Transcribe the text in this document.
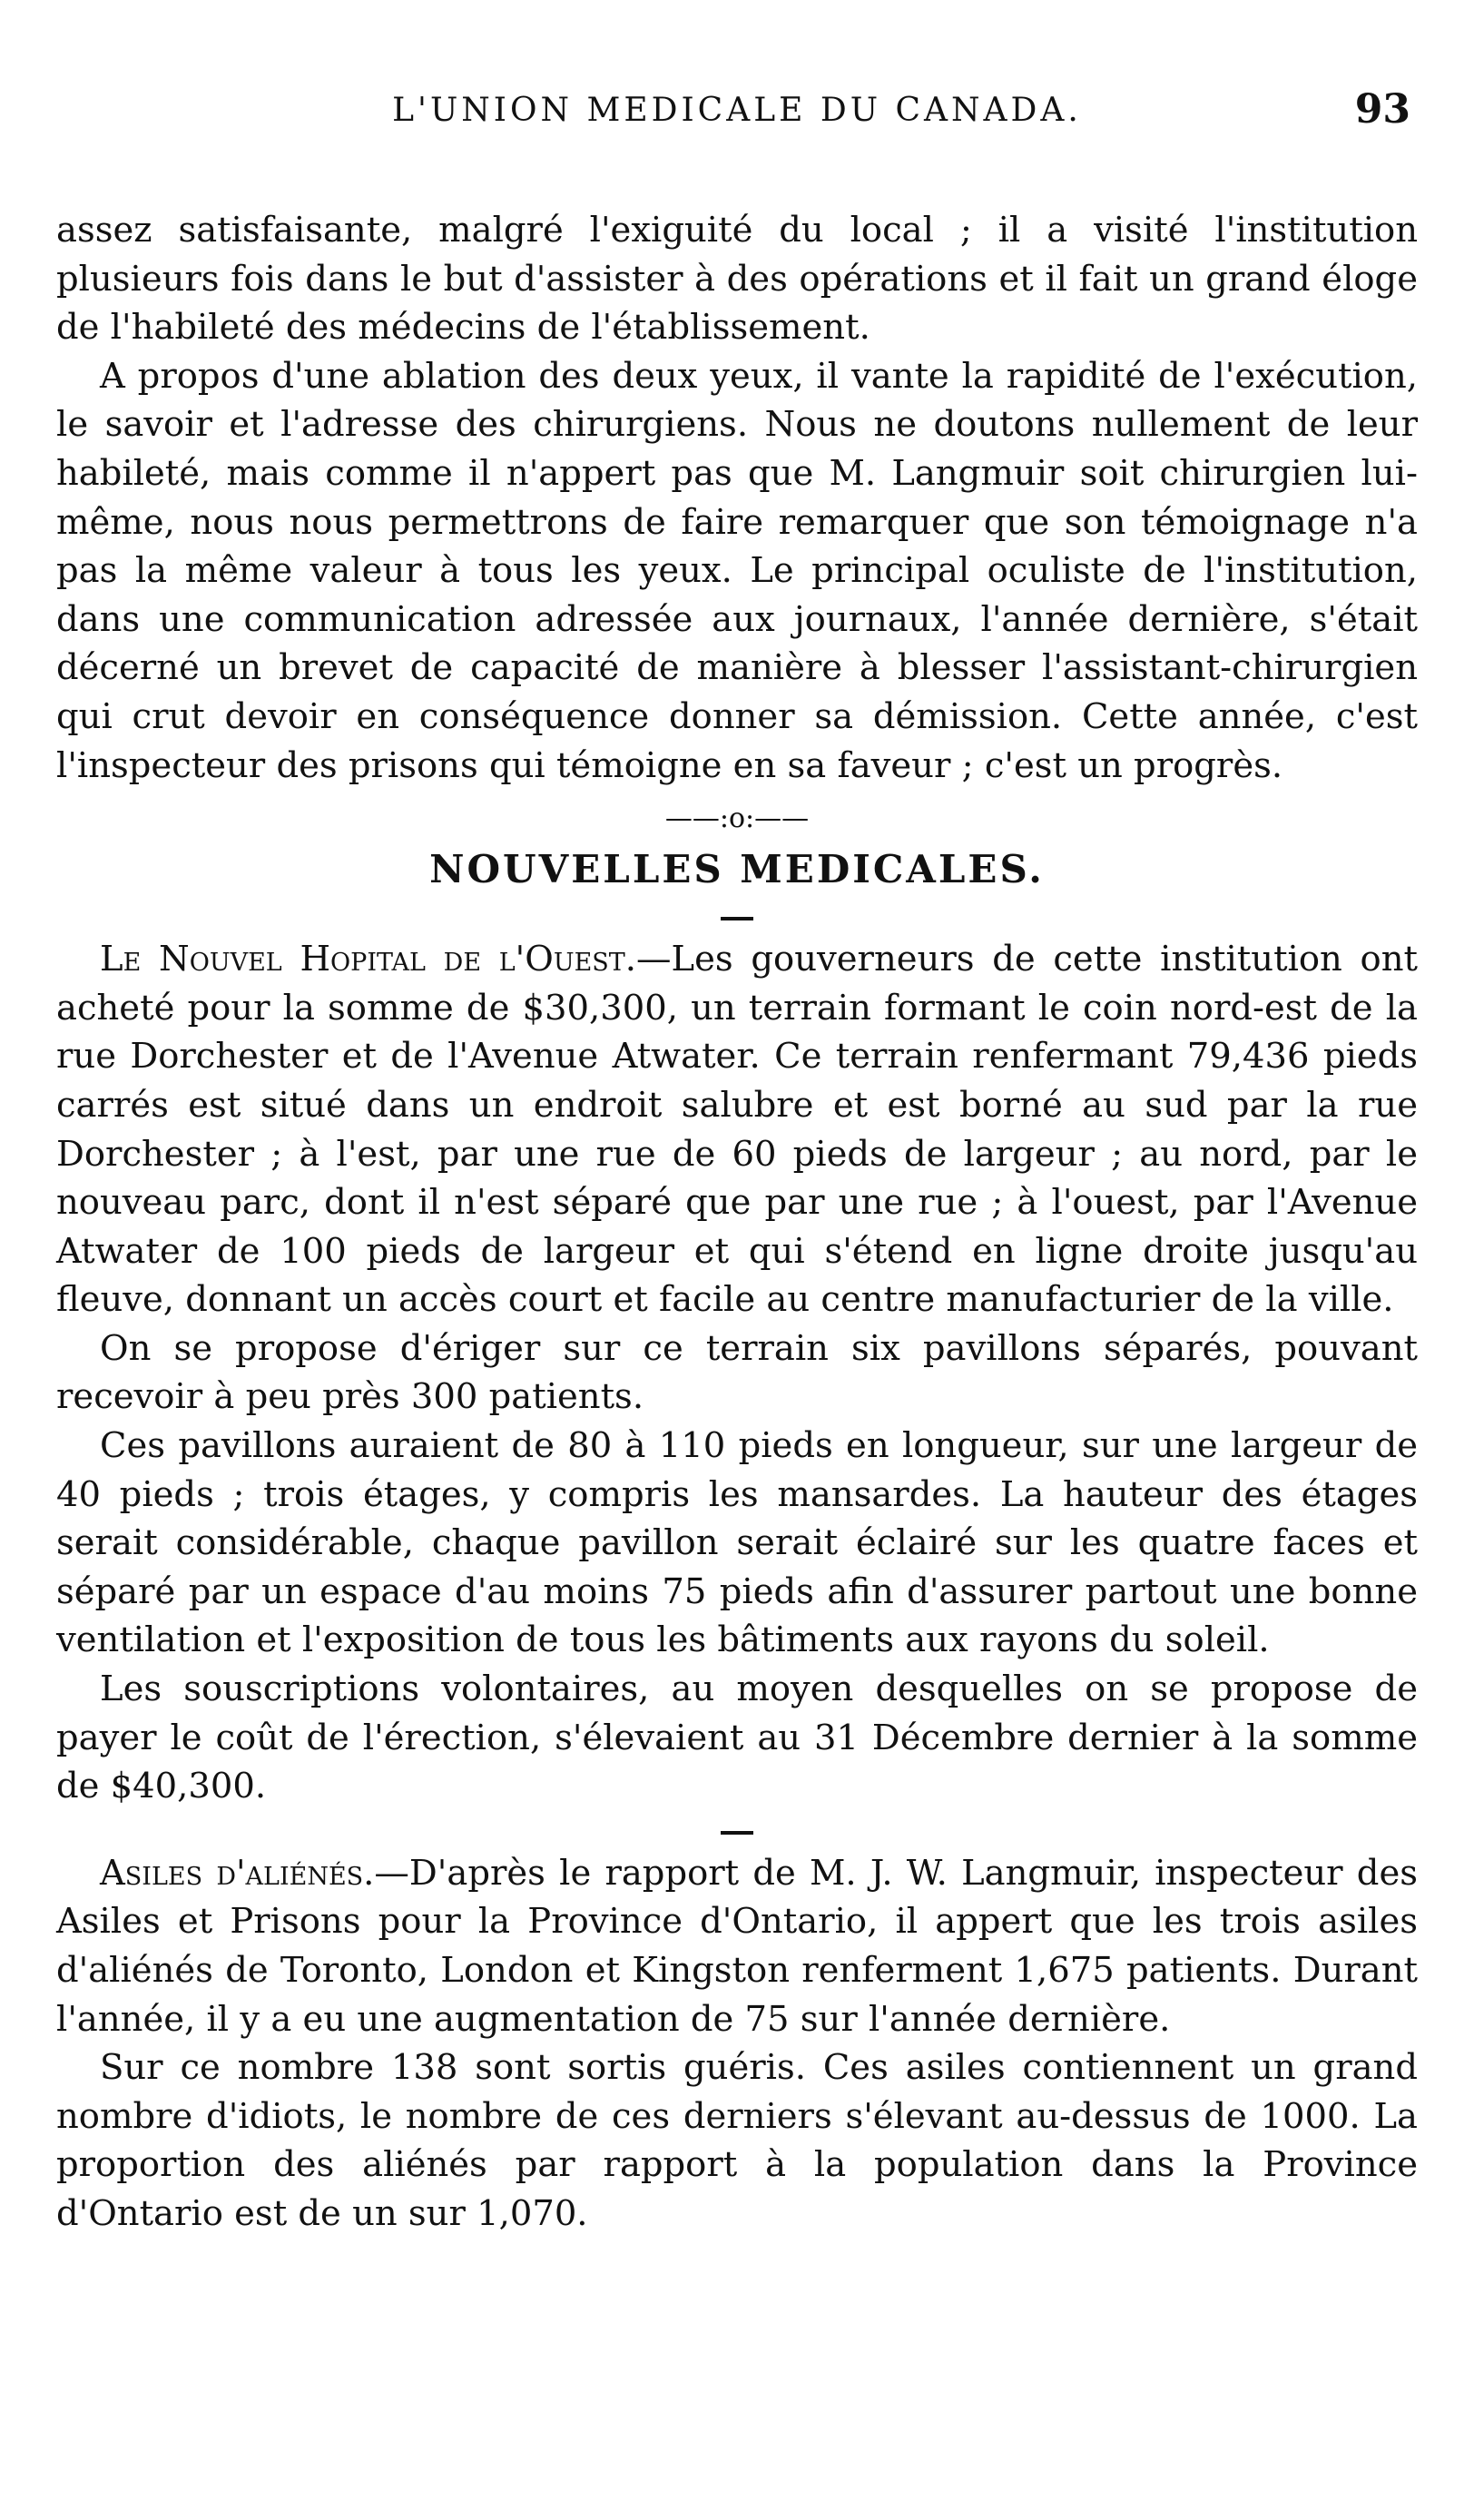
L'UNION MEDICALE DU CANADA.	93

assez satisfaisante, malgré l'exiguité du local ; il a visité l'institution plusieurs fois dans le but d'assister à des opérations et il fait un grand éloge de l'habileté des médecins de l'établissement.

A propos d'une ablation des deux yeux, il vante la rapidité de l'exécution, le savoir et l'adresse des chirurgiens. Nous ne doutons nullement de leur habileté, mais comme il n'appert pas que M. Langmuir soit chirurgien lui-même, nous nous permettrons de faire remarquer que son témoignage n'a pas la même valeur à tous les yeux. Le principal oculiste de l'institution, dans une communication adressée aux journaux, l'année dernière, s'était décerné un brevet de capacité de manière à blesser l'assistant-chirurgien qui crut devoir en conséquence donner sa démission. Cette année, c'est l'inspecteur des prisons qui témoigne en sa faveur ; c'est un progrès.

——:o:——
NOUVELLES MEDICALES.

Le Nouvel Hopital de l'Ouest.—Les gouverneurs de cette institution ont acheté pour la somme de $30,300, un terrain formant le coin nord-est de la rue Dorchester et de l'Avenue Atwater. Ce terrain renfermant 79,436 pieds carrés est situé dans un endroit salubre et est borné au sud par la rue Dorchester ; à l'est, par une rue de 60 pieds de largeur ; au nord, par le nouveau parc, dont il n'est séparé que par une rue ; à l'ouest, par l'Avenue Atwater de 100 pieds de largeur et qui s'étend en ligne droite jusqu'au fleuve, donnant un accès court et facile au centre manufacturier de la ville.

On se propose d'ériger sur ce terrain six pavillons séparés, pouvant recevoir à peu près 300 patients.

Ces pavillons auraient de 80 à 110 pieds en longueur, sur une largeur de 40 pieds ; trois étages, y compris les mansardes. La hauteur des étages serait considérable, chaque pavillon serait éclairé sur les quatre faces et séparé par un espace d'au moins 75 pieds afin d'assurer partout une bonne ventilation et l'exposition de tous les bâtiments aux rayons du soleil.

Les souscriptions volontaires, au moyen desquelles on se propose de payer le coût de l'érection, s'élevaient au 31 Décembre dernier à la somme de $40,300.

Asiles d'aliénés.—D'après le rapport de M. J. W. Langmuir, inspecteur des Asiles et Prisons pour la Province d'Ontario, il appert que les trois asiles d'aliénés de Toronto, London et Kingston renferment 1,675 patients. Durant l'année, il y a eu une augmentation de 75 sur l'année dernière.

Sur ce nombre 138 sont sortis guéris. Ces asiles contiennent un grand nombre d'idiots, le nombre de ces derniers s'élevant au-dessus de 1000. La proportion des aliénés par rapport à la population dans la Province d'Ontario est de un sur 1,070.
